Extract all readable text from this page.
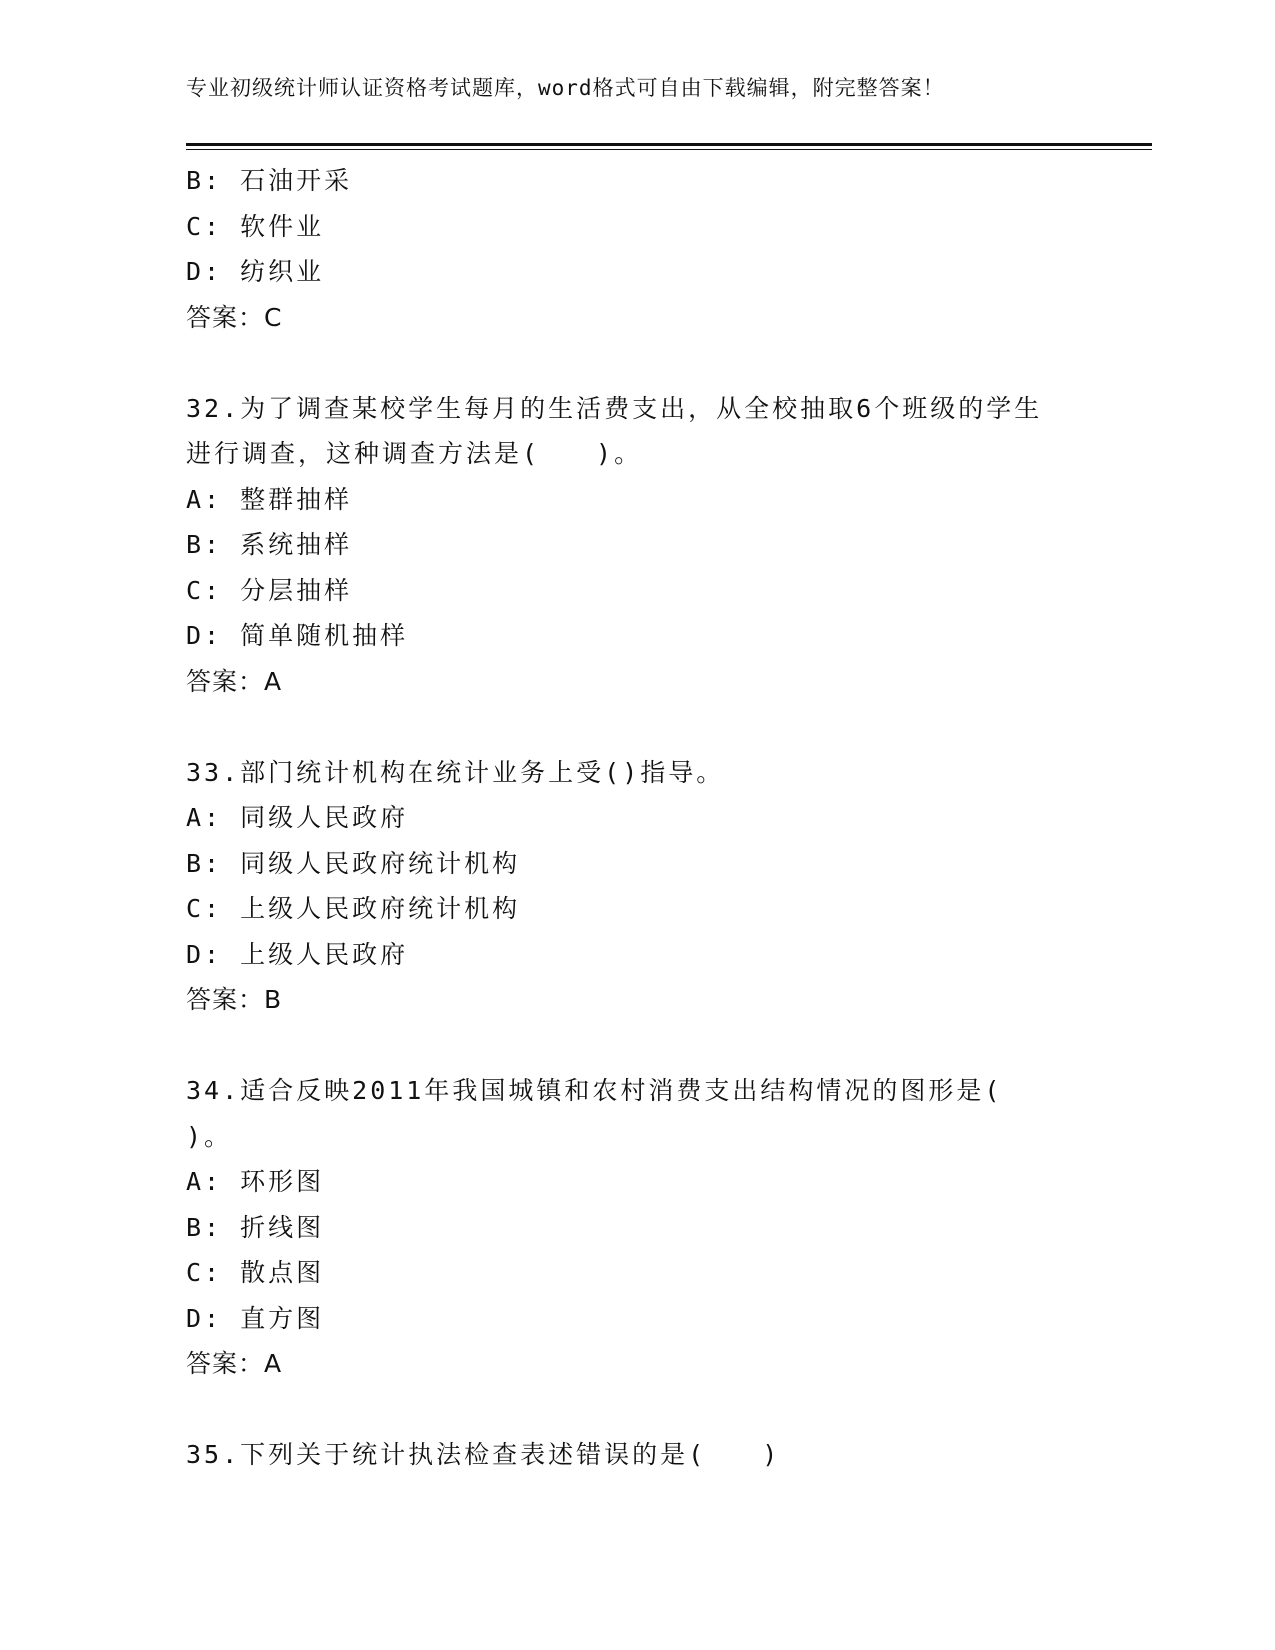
专业初级统计师认证资格考试题库，word格式可自由下载编辑，附完整答案！
B: 石油开采
C: 软件业
D: 纺织业
答案：C
32.为了调查某校学生每月的生活费支出，从全校抽取6个班级的学生
进行调查，这种调查方法是(　　)。
A: 整群抽样
B: 系统抽样
C: 分层抽样
D: 简单随机抽样
答案：A
33.部门统计机构在统计业务上受()指导。
A: 同级人民政府
B: 同级人民政府统计机构
C: 上级人民政府统计机构
D: 上级人民政府
答案：B
34.适合反映2011年我国城镇和农村消费支出结构情况的图形是(
)。
A: 环形图
B: 折线图
C: 散点图
D: 直方图
答案：A
35.下列关于统计执法检查表述错误的是(　　)
